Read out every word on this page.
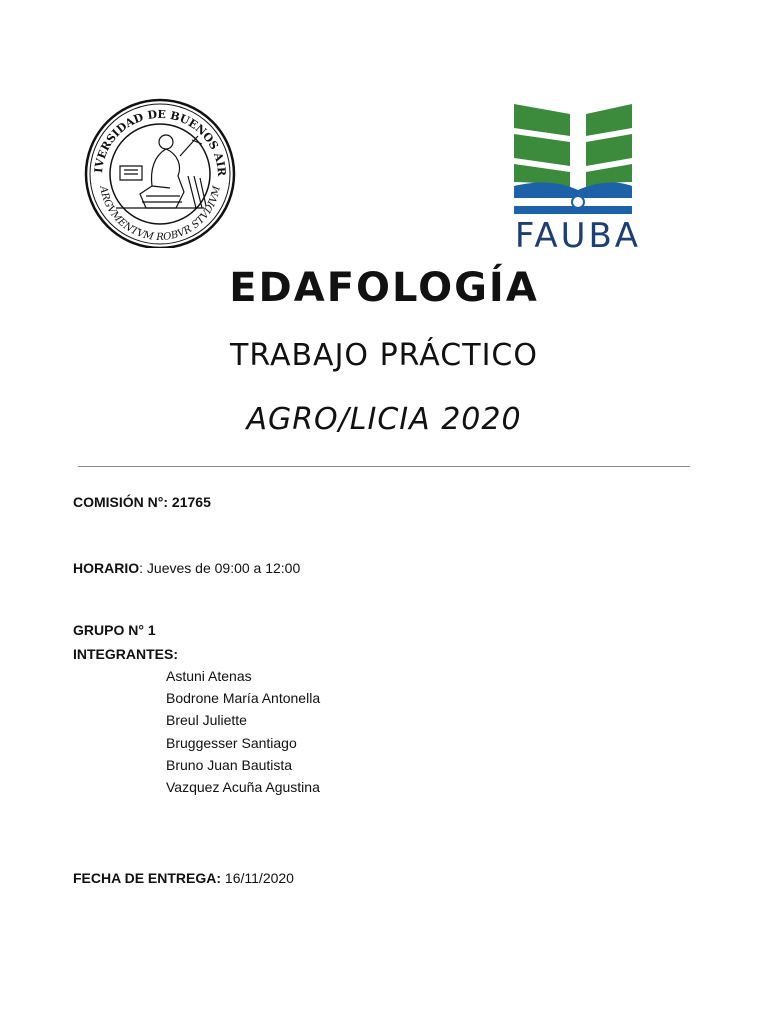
IVERSIDAD DE BUENOS AIR
ARGVMENTVM ROBVR STVDIVM
FAUBA
EDAFOLOGÍA
TRABAJO PRÁCTICO
AGRO/LICIA 2020
COMISIÓN N°: 21765
HORARIO: Jueves de 09:00 a 12:00
GRUPO N° 1
INTEGRANTES:
Astuni Atenas
Bodrone María Antonella
Breul Juliette
Bruggesser Santiago
Bruno Juan Bautista
Vazquez Acuña Agustina
FECHA DE ENTREGA: 16/11/2020
